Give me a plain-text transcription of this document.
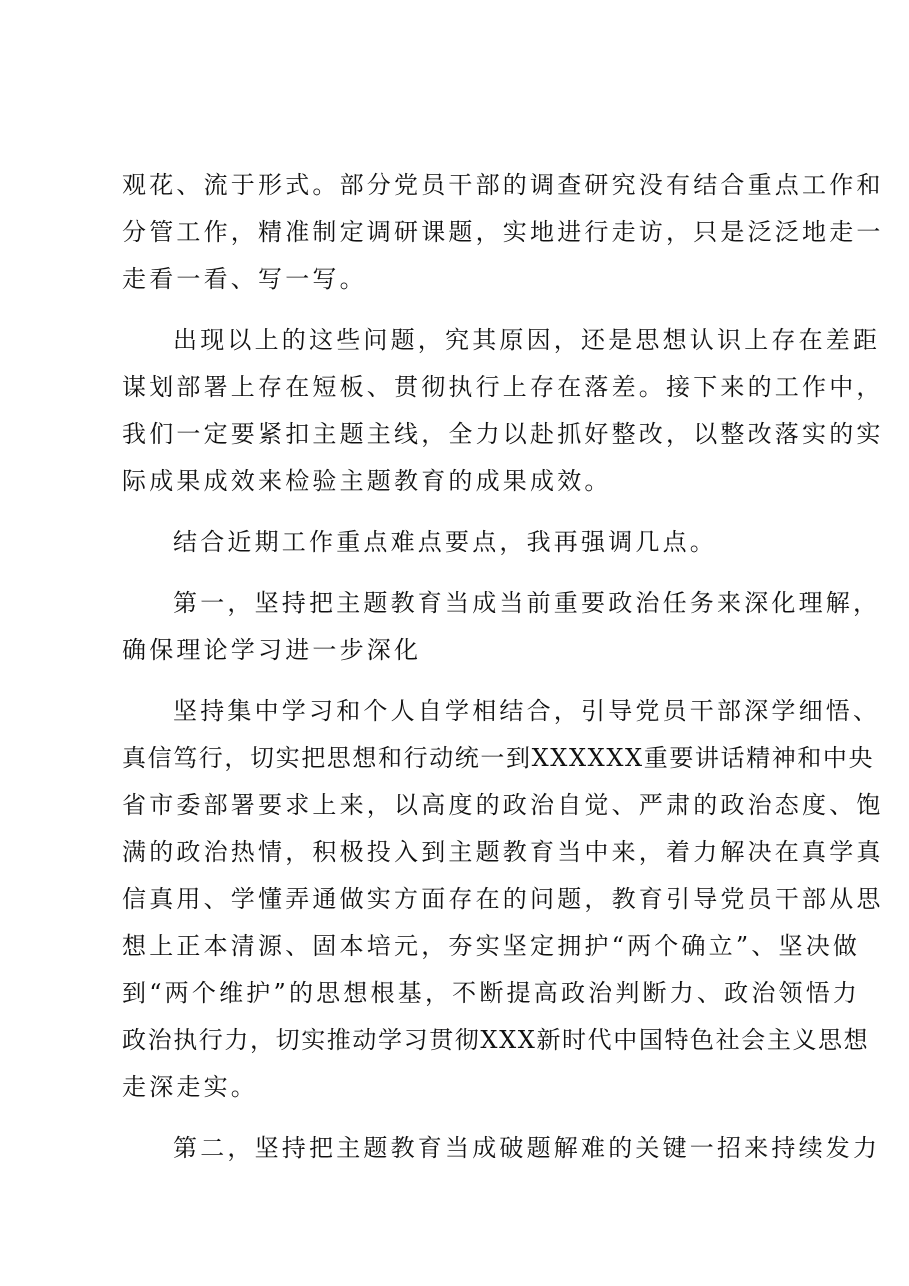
观花、流于形式。部分党员干部的调查研究没有结合重点工作和
分管工作，精准制定调研课题，实地进行走访，只是泛泛地走一
走看一看、写一写。
出现以上的这些问题，究其原因，还是思想认识上存在差距
谋划部署上存在短板、贯彻执行上存在落差。接下来的工作中，
我们一定要紧扣主题主线，全力以赴抓好整改，以整改落实的实
际成果成效来检验主题教育的成果成效。
结合近期工作重点难点要点，我再强调几点。
第一，坚持把主题教育当成当前重要政治任务来深化理解，
确保理论学习进一步深化
坚持集中学习和个人自学相结合，引导党员干部深学细悟、
真信笃行，切实把思想和行动统一到XXXXXX重要讲话精神和中央
省市委部署要求上来，以高度的政治自觉、严肃的政治态度、饱
满的政治热情，积极投入到主题教育当中来，着力解决在真学真
信真用、学懂弄通做实方面存在的问题，教育引导党员干部从思
想上正本清源、固本培元，夯实坚定拥护“两个确立”、坚决做
到“两个维护”的思想根基，不断提高政治判断力、政治领悟力
政治执行力，切实推动学习贯彻XXX新时代中国特色社会主义思想
走深走实。
第二，坚持把主题教育当成破题解难的关键一招来持续发力
